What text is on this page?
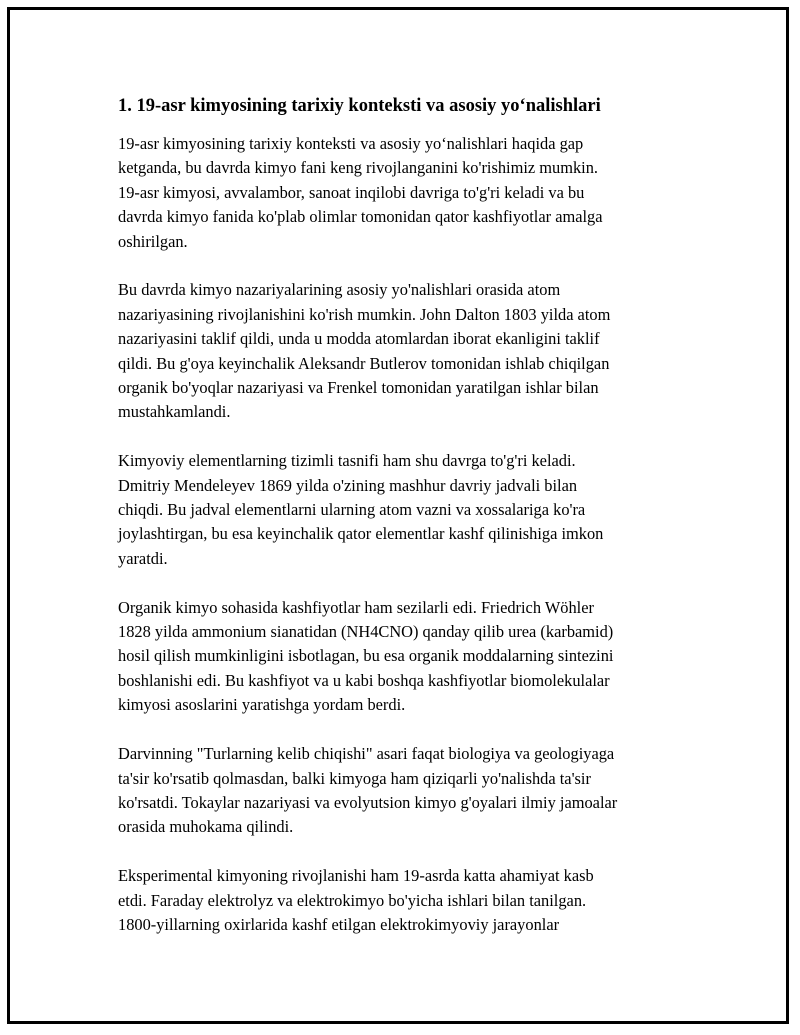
1. 19-asr kimyosining tarixiy konteksti va asosiy yo‘nalishlari

19-asr kimyosining tarixiy konteksti va asosiy yo‘nalishlari haqida gap
ketganda, bu davrda kimyo fani keng rivojlanganini ko'rishimiz mumkin.
19-asr kimyosi, avvalambor, sanoat inqilobi davriga to'g'ri keladi va bu
davrda kimyo fanida ko'plab olimlar tomonidan qator kashfiyotlar amalga
oshirilgan.

Bu davrda kimyo nazariyalarining asosiy yo'nalishlari orasida atom
nazariyasining rivojlanishini ko'rish mumkin. John Dalton 1803 yilda atom
nazariyasini taklif qildi, unda u modda atomlardan iborat ekanligini taklif
qildi. Bu g'oya keyinchalik Aleksandr Butlerov tomonidan ishlab chiqilgan
organik bo'yoqlar nazariyasi va Frenkel tomonidan yaratilgan ishlar bilan
mustahkamlandi.

Kimyoviy elementlarning tizimli tasnifi ham shu davrga to'g'ri keladi.
Dmitriy Mendeleyev 1869 yilda o'zining mashhur davriy jadvali bilan
chiqdi. Bu jadval elementlarni ularning atom vazni va xossalariga ko'ra
joylashtirgan, bu esa keyinchalik qator elementlar kashf qilinishiga imkon
yaratdi.

Organik kimyo sohasida kashfiyotlar ham sezilarli edi. Friedrich Wöhler
1828 yilda ammonium sianatidan (NH4CNO) qanday qilib urea (karbamid)
hosil qilish mumkinligini isbotlagan, bu esa organik moddalarning sintezini
boshlanishi edi. Bu kashfiyot va u kabi boshqa kashfiyotlar biomolekulalar
kimyosi asoslarini yaratishga yordam berdi.

Darvinning "Turlarning kelib chiqishi" asari faqat biologiya va geologiyaga
ta'sir ko'rsatib qolmasdan, balki kimyoga ham qiziqarli yo'nalishda ta'sir
ko'rsatdi. Tokaylar nazariyasi va evolyutsion kimyo g'oyalari ilmiy jamoalar
orasida muhokama qilindi.

Eksperimental kimyoning rivojlanishi ham 19-asrda katta ahamiyat kasb
etdi. Faraday elektrolyz va elektrokimyo bo'yicha ishlari bilan tanilgan.
1800-yillarning oxirlarida kashf etilgan elektrokimyoviy jarayonlar
